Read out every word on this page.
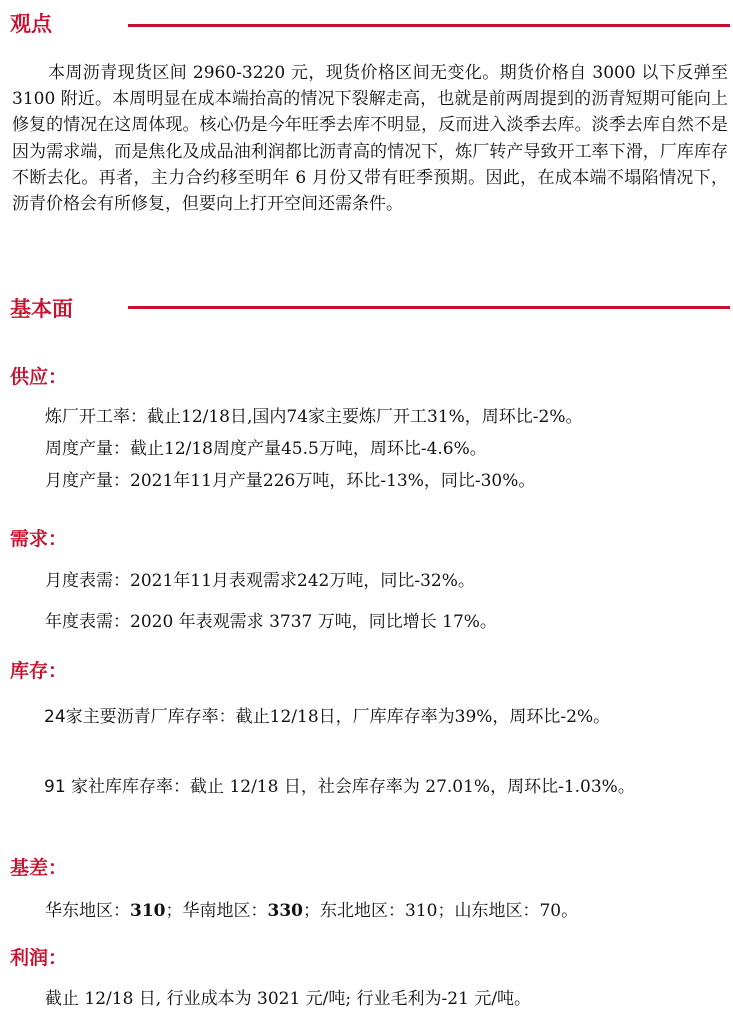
观点

本周沥青现货区间 2960-3220 元，现货价格区间无变化。期货价格自 3000 以下反弹至 3100 附近。本周明显在成本端抬高的情况下裂解走高，也就是前两周提到的沥青短期可能向上修复的情况在这周体现。核心仍是今年旺季去库不明显，反而进入淡季去库。淡季去库自然不是因为需求端，而是焦化及成品油利润都比沥青高的情况下，炼厂转产导致开工率下滑，厂库库存不断去化。再者，主力合约移至明年 6 月份又带有旺季预期。因此，在成本端不塌陷情况下，沥青价格会有所修复，但要向上打开空间还需条件。

基本面
供应：
炼厂开工率：截止12/18日,国内74家主要炼厂开工31%，周环比-2%。
周度产量：截止12/18周度产量45.5万吨，周环比-4.6%。
月度产量：2021年11月产量226万吨，环比-13%，同比-30%。
需求：
月度表需：2021年11月表观需求242万吨，同比-32%。
年度表需：2020 年表观需求 3737 万吨，同比增长 17%。
库存：

24家主要沥青厂库存率：截止12/18日，厂库库存率为39%，周环比-2%。

91 家社库库存率：截止 12/18 日，社会库存率为 27.01%，周环比-1.03%。

基差：
华东地区：310；华南地区：330；东北地区：310；山东地区：70。
利润：
截止 12/18 日, 行业成本为 3021 元/吨; 行业毛利为-21 元/吨。
